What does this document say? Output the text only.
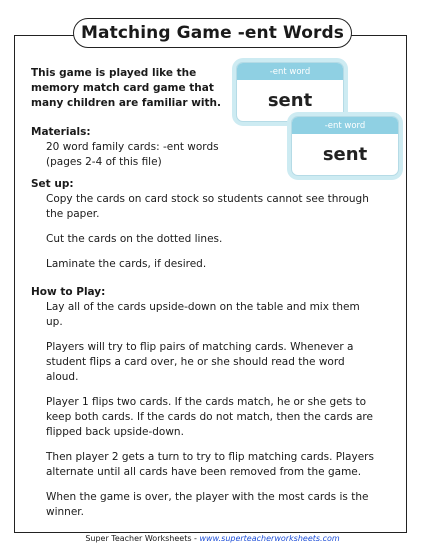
Matching Game -ent Words
This game is played like the memory match card game that many children are familiar with.
-ent word
sent
-ent word
sent
Materials:
20 word family cards: -ent words
(pages 2-4 of this file)
Set up:
Copy the cards on card stock so students cannot see through the paper.
Cut the cards on the dotted lines.
Laminate the cards, if desired.
How to Play:
Lay all of the cards upside-down on the table and mix them up.
Players will try to flip pairs of matching cards. Whenever a student flips a card over, he or she should read the word aloud.
Player 1 flips two cards. If the cards match, he or she gets to keep both cards. If the cards do not match, then the cards are flipped back upside-down.
Then player 2 gets a turn to try to flip matching cards. Players alternate until all cards have been removed from the game.
When the game is over, the player with the most cards is the winner.
Super Teacher Worksheets - www.superteacherworksheets.com
